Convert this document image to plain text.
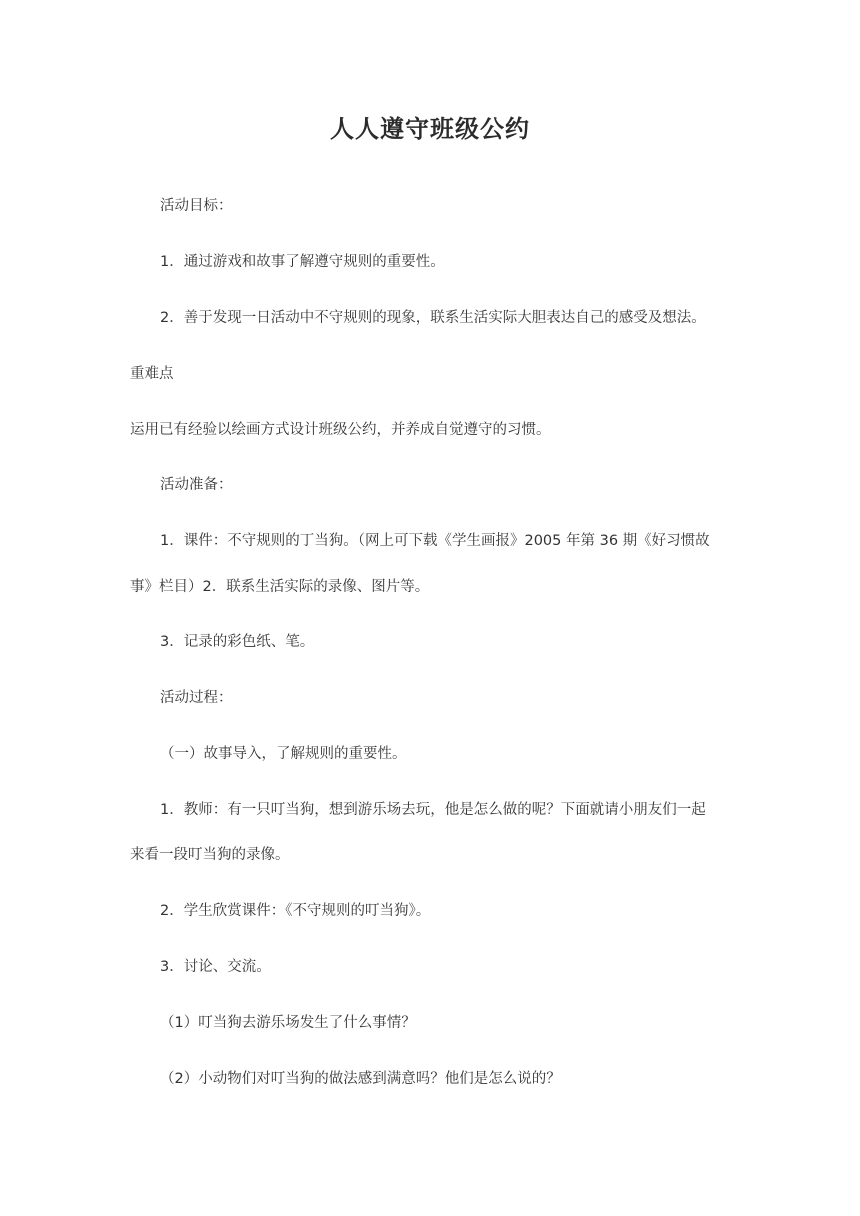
人人遵守班级公约
活动目标：
1．通过游戏和故事了解遵守规则的重要性。
2．善于发现一日活动中不守规则的现象，联系生活实际大胆表达自己的感受及想法。
重难点
运用已有经验以绘画方式设计班级公约，并养成自觉遵守的习惯。
活动准备：
1．课件：不守规则的丁当狗。（网上可下载《学生画报》2005 年第 36 期《好习惯故
事》栏目）2．联系生活实际的录像、图片等。
3．记录的彩色纸、笔。
活动过程：
（一）故事导入，了解规则的重要性。
1．教师：有一只叮当狗，想到游乐场去玩，他是怎么做的呢？下面就请小朋友们一起
来看一段叮当狗的录像。
2．学生欣赏课件：《不守规则的叮当狗》。
3．讨论、交流。
（1）叮当狗去游乐场发生了什么事情？
（2）小动物们对叮当狗的做法感到满意吗？他们是怎么说的？
